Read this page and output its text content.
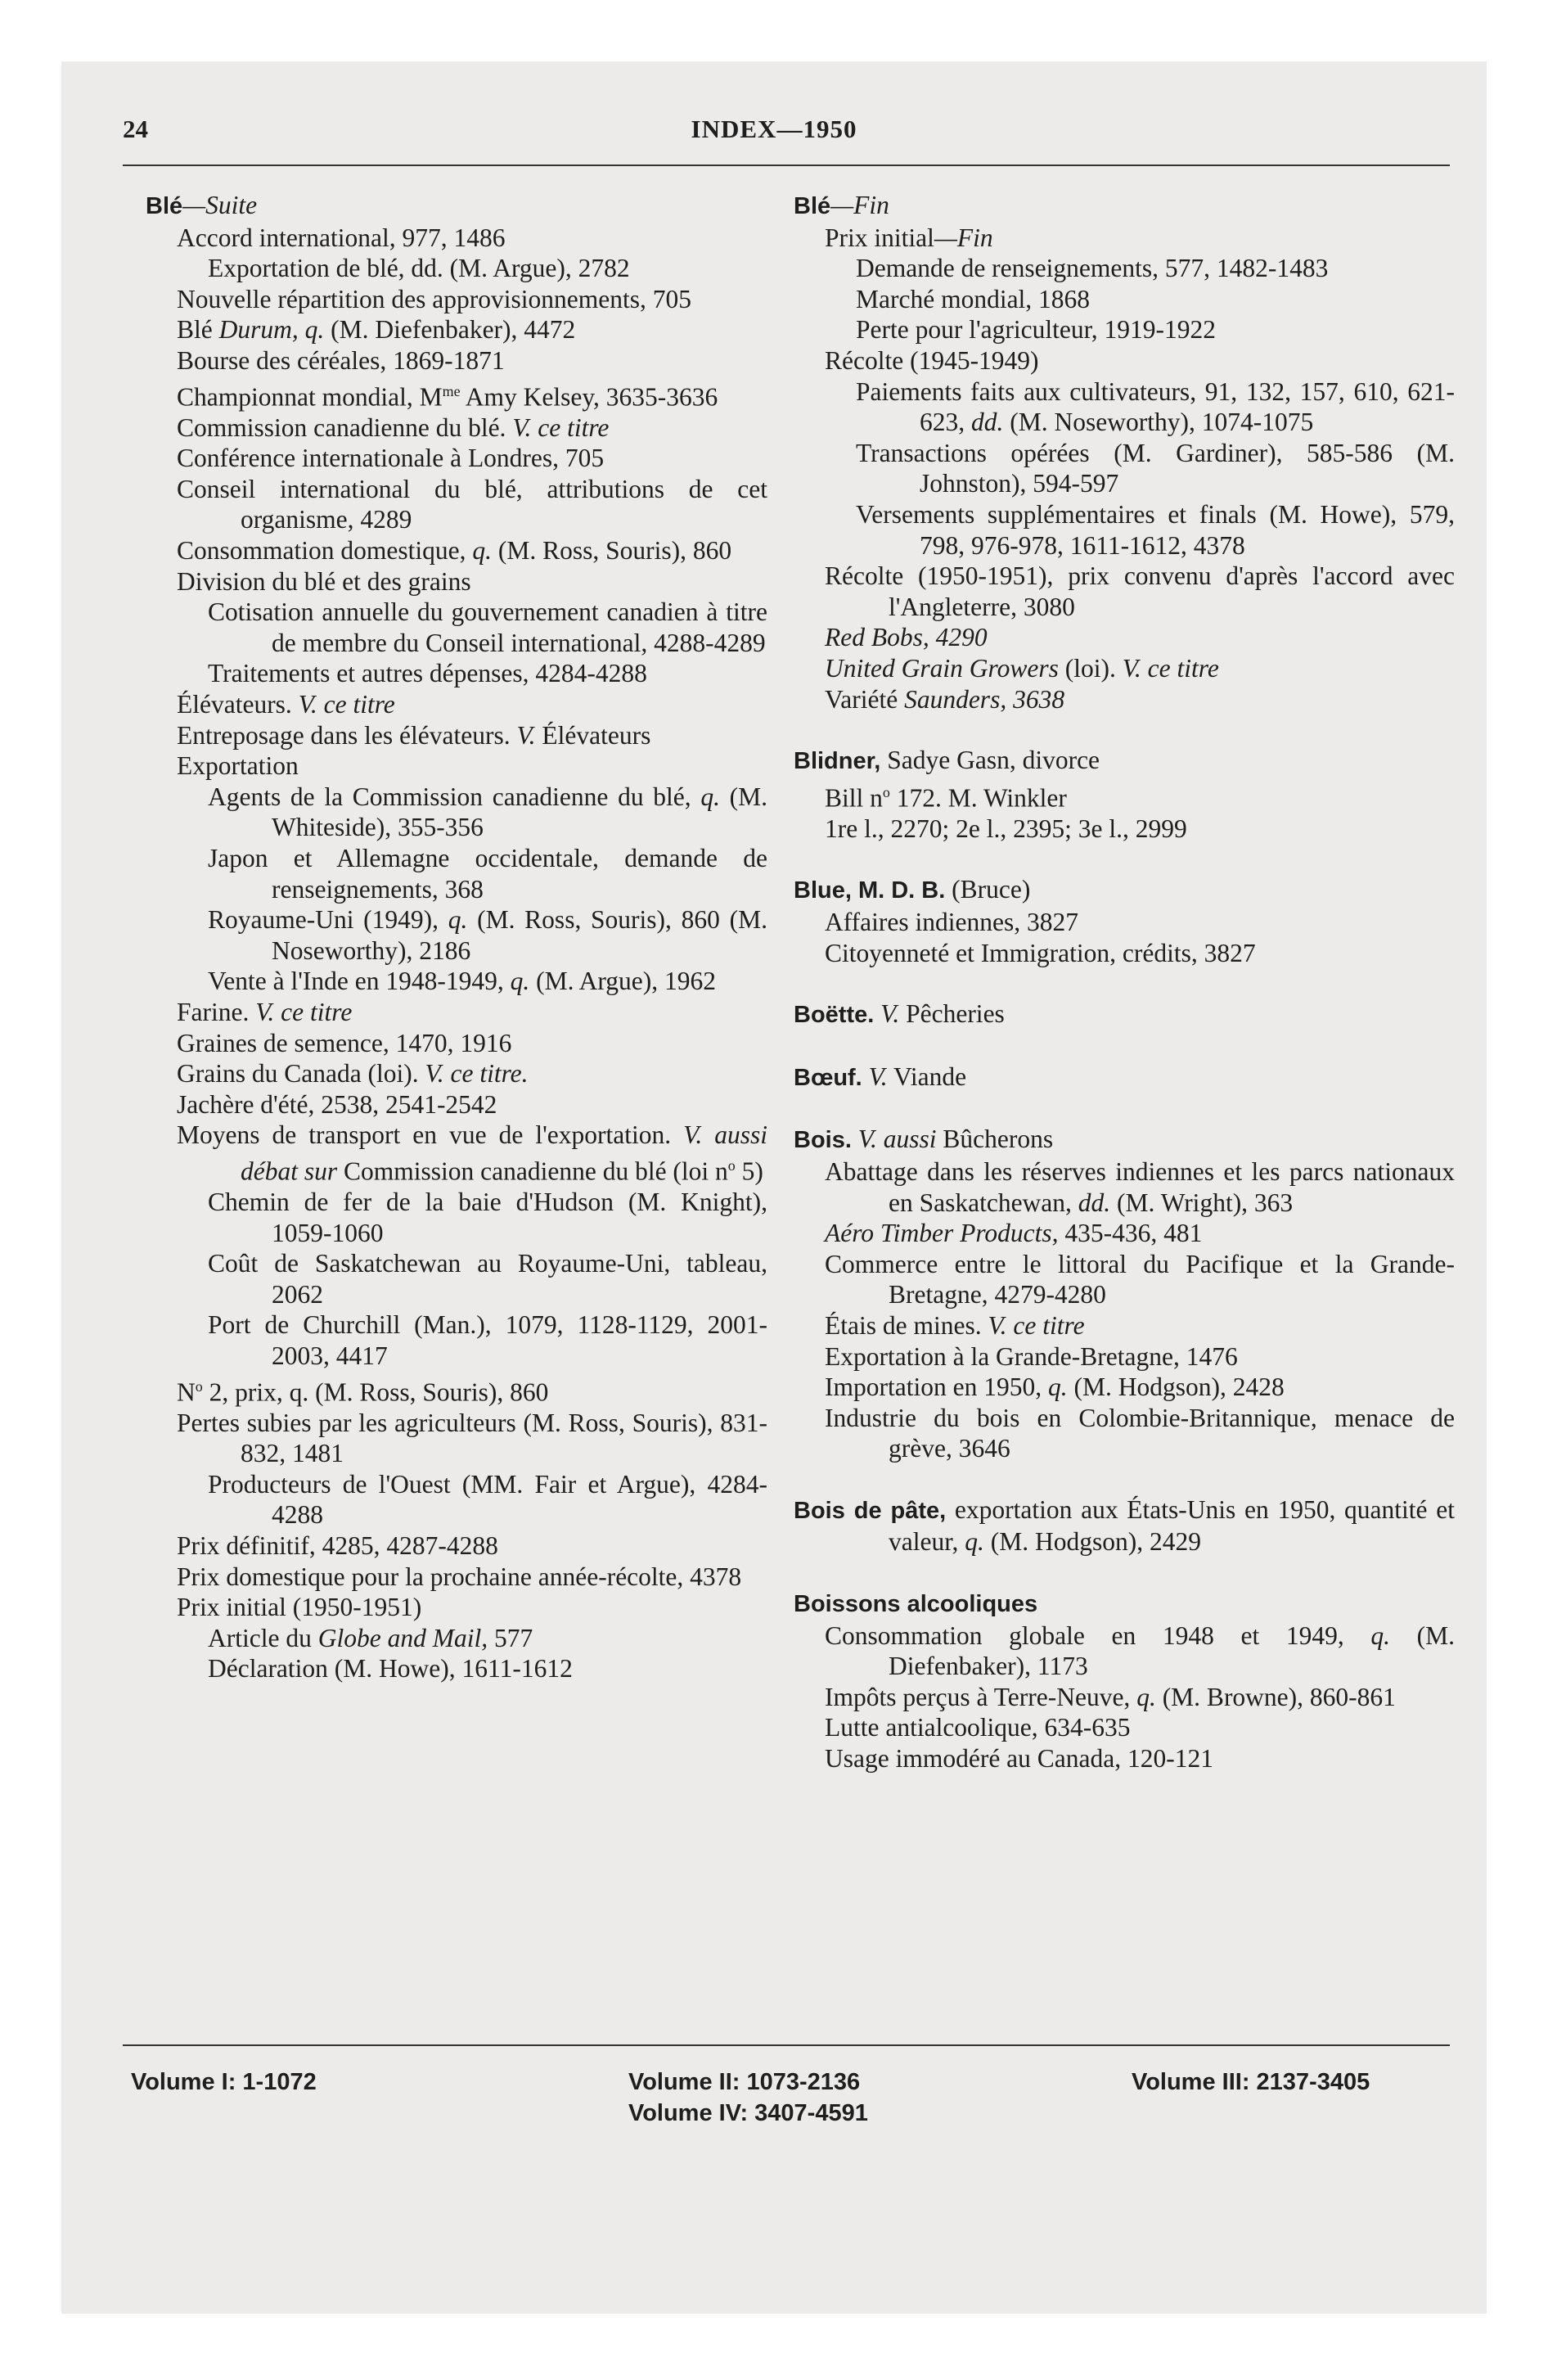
24	INDEX—1950
Blé—Suite
Accord international, 977, 1486
Exportation de blé, dd. (M. Argue), 2782
Nouvelle répartition des approvisionnements, 705
Blé Durum, q. (M. Diefenbaker), 4472
Bourse des céréales, 1869-1871
Championnat mondial, $M^{me}$ Amy Kelsey, 3635-3636
Commission canadienne du blé. V. ce titre
Conférence internationale à Londres, 705
Conseil international du blé, attributions de cet organisme, 4289
Consommation domestique, q. (M. Ross, Souris), 860
Division du blé et des grains
Cotisation annuelle du gouvernement canadien à titre de membre du Conseil international, 4288-4289
Traitements et autres dépenses, 4284-4288
Élévateurs. V. ce titre
Entreposage dans les élévateurs. V. Élévateurs
Exportation
Agents de la Commission canadienne du blé, q. (M. Whiteside), 355-356
Japon et Allemagne occidentale, demande de renseignements, 368
Royaume-Uni (1949), q. (M. Ross, Souris), 860 (M. Noseworthy), 2186
Vente à l'Inde en 1948-1949, q. (M. Argue), 1962
Farine. V. ce titre
Graines de semence, 1470, 1916
Grains du Canada (loi). V. ce titre.
Jachère d'été, 2538, 2541-2542
Moyens de transport en vue de l'exportation. V. aussi débat sur Commission canadienne du blé (loi $n^o$ 5)
Chemin de fer de la baie d'Hudson (M. Knight), 1059-1060
Coût de Saskatchewan au Royaume-Uni, tableau, 2062
Port de Churchill (Man.), 1079, 1128-1129, 2001-2003, 4417
$N^o$ 2, prix, q. (M. Ross, Souris), 860
Pertes subies par les agriculteurs (M. Ross, Souris), 831-832, 1481
Producteurs de l'Ouest (MM. Fair et Argue), 4284-4288
Prix définitif, 4285, 4287-4288
Prix domestique pour la prochaine année-récolte, 4378
Prix initial (1950-1951)
Article du Globe and Mail, 577
Déclaration (M. Howe), 1611-1612
Blé—Fin
Prix initial—Fin
Demande de renseignements, 577, 1482-1483
Marché mondial, 1868
Perte pour l'agriculteur, 1919-1922
Récolte (1945-1949)
Paiements faits aux cultivateurs, 91, 132, 157, 610, 621-623, dd. (M. Noseworthy), 1074-1075
Transactions opérées (M. Gardiner), 585-586 (M. Johnston), 594-597
Versements supplémentaires et finals (M. Howe), 579, 798, 976-978, 1611-1612, 4378
Récolte (1950-1951), prix convenu d'après l'accord avec l'Angleterre, 3080
Red Bobs, 4290
United Grain Growers (loi). V. ce titre
Variété Saunders, 3638
Blidner, Sadye Gasn, divorce
Bill $n^o$ 172. M. Winkler
1re l., 2270; 2e l., 2395; 3e l., 2999
Blue, M. D. B. (Bruce)
Affaires indiennes, 3827
Citoyenneté et Immigration, crédits, 3827
Boëtte. V. Pêcheries
Bœuf. V. Viande
Bois. V. aussi Bûcherons
Abattage dans les réserves indiennes et les parcs nationaux en Saskatchewan, dd. (M. Wright), 363
Aéro Timber Products, 435-436, 481
Commerce entre le littoral du Pacifique et la Grande-Bretagne, 4279-4280
Étais de mines. V. ce titre
Exportation à la Grande-Bretagne, 1476
Importation en 1950, q. (M. Hodgson), 2428
Industrie du bois en Colombie-Britannique, menace de grève, 3646
Bois de pâte, exportation aux États-Unis en 1950, quantité et valeur, q. (M. Hodgson), 2429
Boissons alcooliques
Consommation globale en 1948 et 1949, q. (M. Diefenbaker), 1173
Impôts perçus à Terre-Neuve, q. (M. Browne), 860-861
Lutte antialcoolique, 634-635
Usage immodéré au Canada, 120-121
Volume I: 1-1072	Volume II: 1073-2136
Volume IV: 3407-4591
Volume III: 2137-3405
